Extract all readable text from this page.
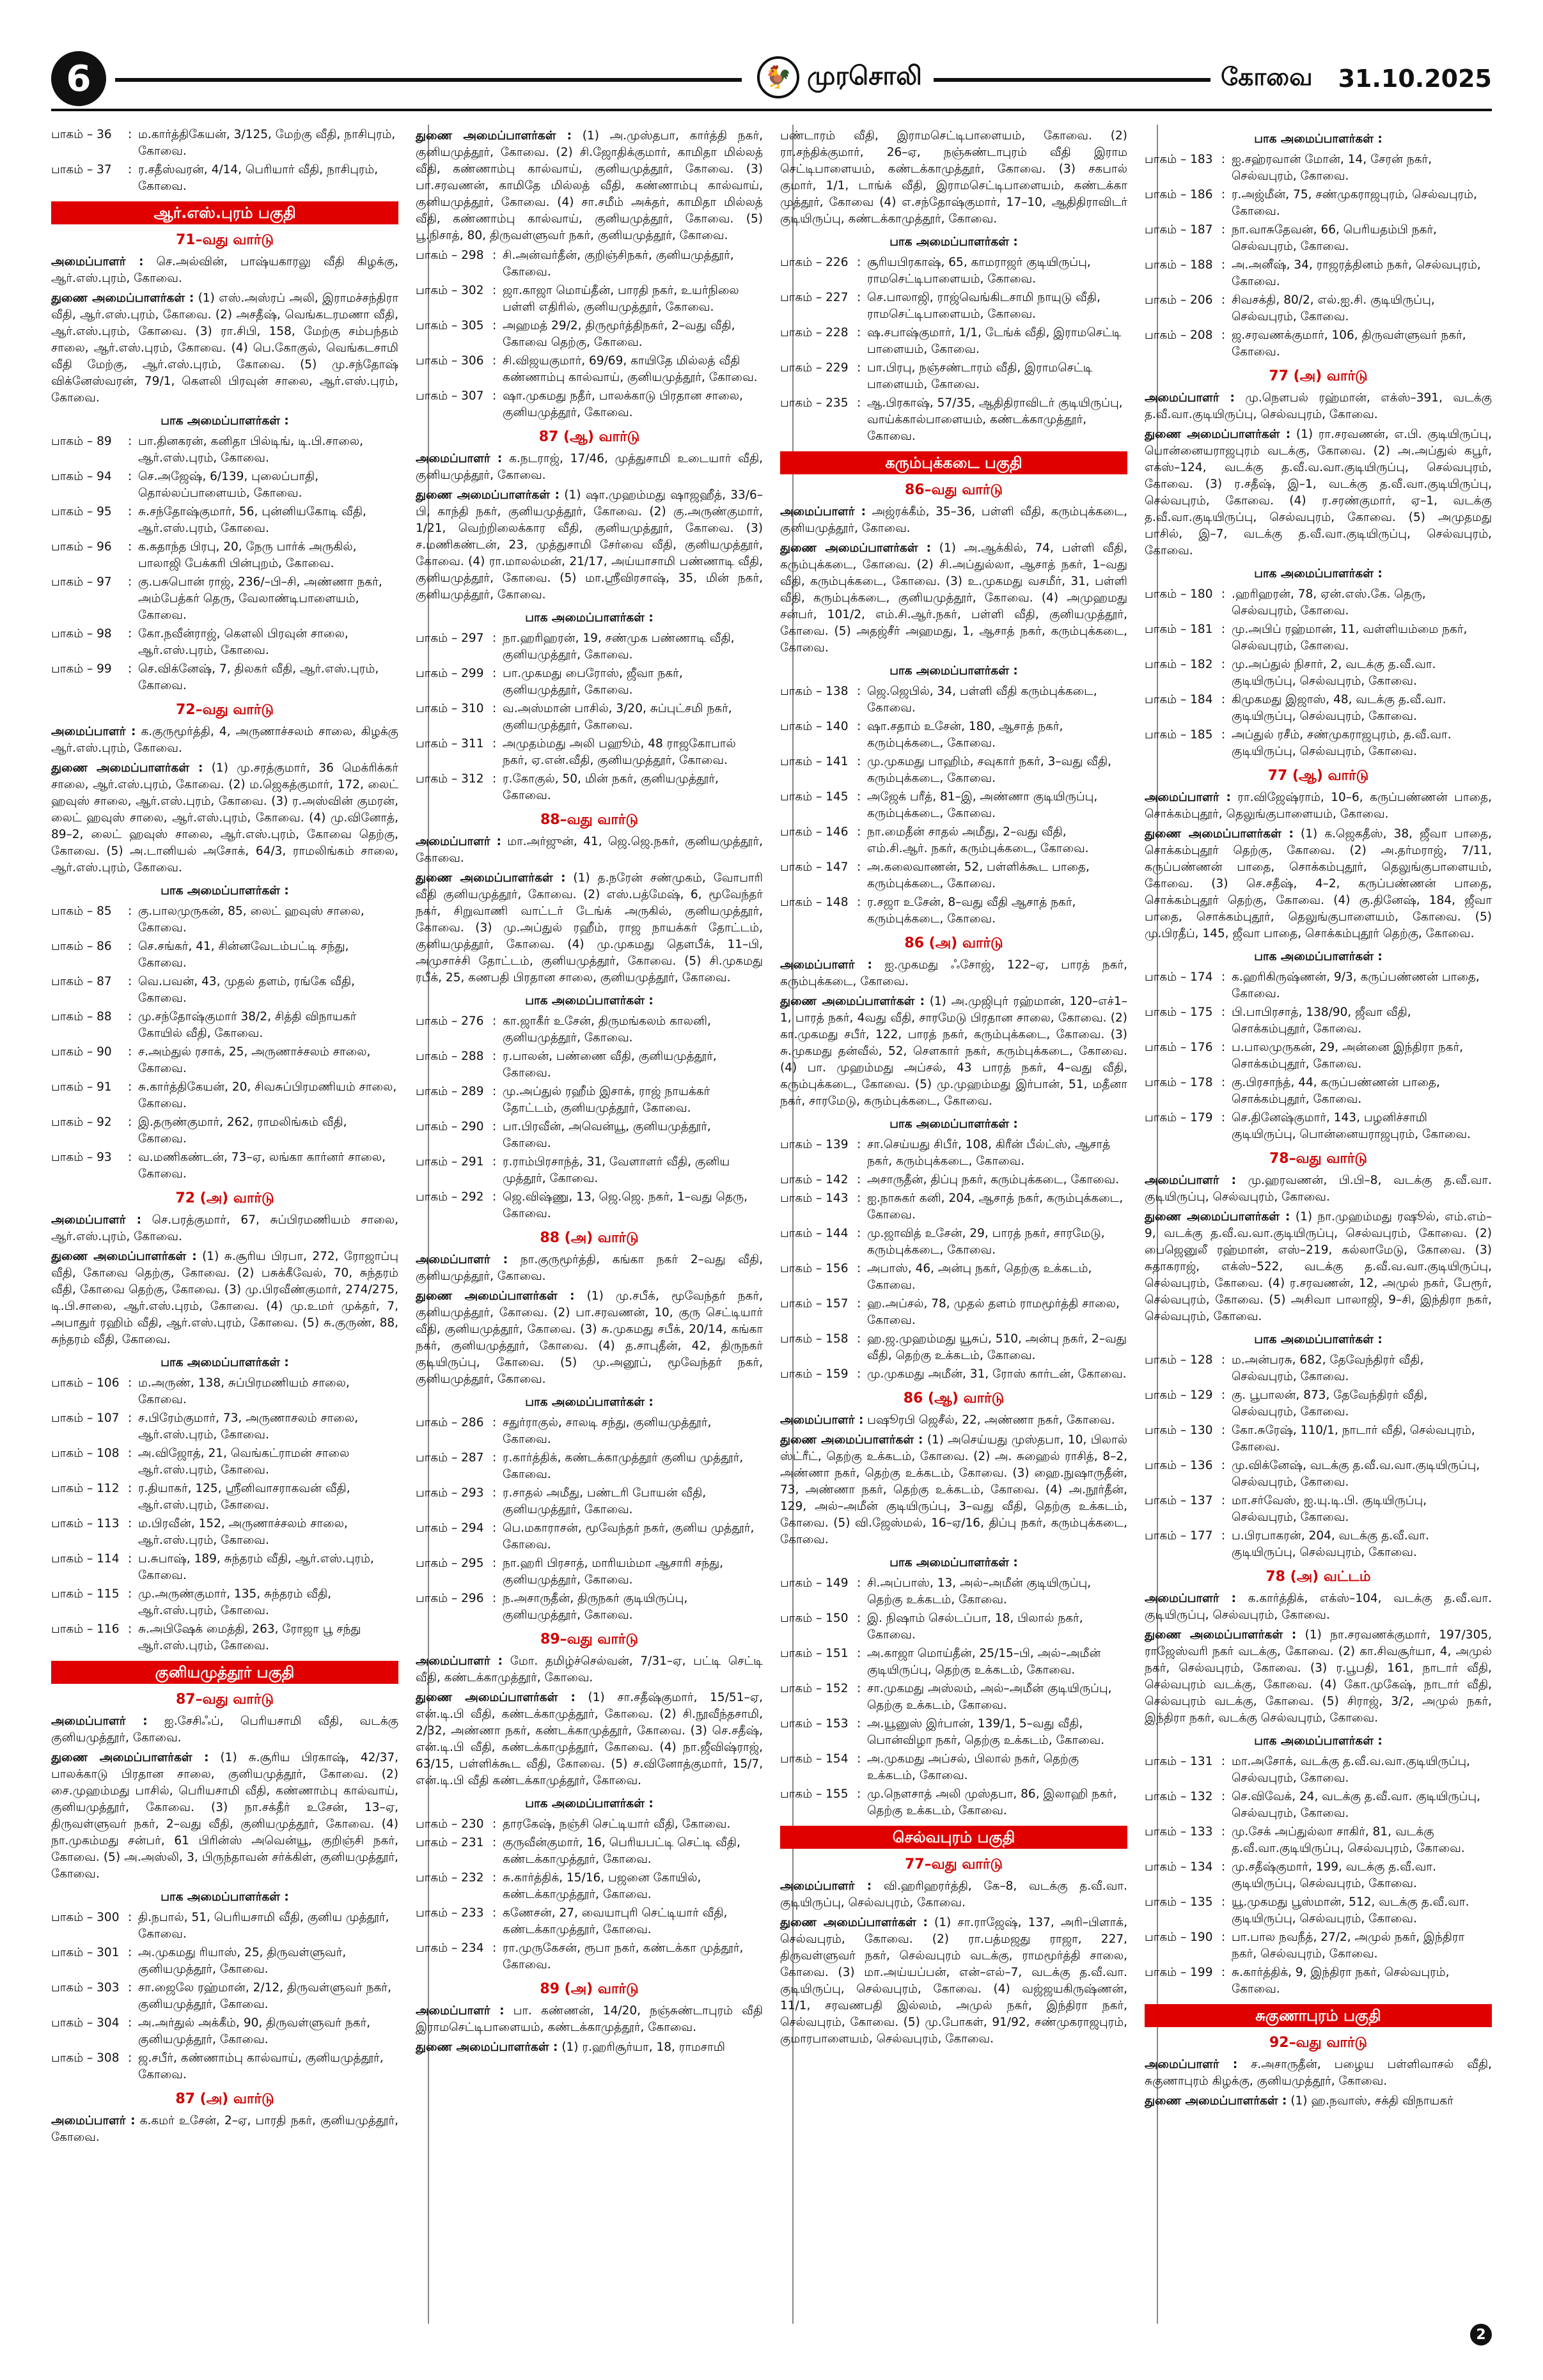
6	🐓 முரசொலி	கோவை 31.10.2025
பாகம் – 36	: ம.கார்த்திகேயன், 3/125, மேற்கு வீதி, நாசிபுரம், கோவை.
பாகம் – 37	: ர.சதீஸ்வரன், 4/14, பெரியார் வீதி, நாசிபுரம், கோவை.
ஆர்.எஸ்.புரம் பகுதி
71–வது வார்டு

அமைப்பாளர் : செ.அல்வின், பாஷ்யகாரலு வீதி கிழக்கு, ஆர்.எஸ்.புரம், கோவை.

துணை அமைப்பாளர்கள் : (1) எஸ்.அஸ்ரப் அலி, இராமச்சந்திரா வீதி, ஆர்.எஸ்.புரம், கோவை. (2) அசதீஷ், வெங்கடரமணா வீதி, ஆர்.எஸ்.புரம், கோவை. (3) ரா.சிபி, 158, மேற்கு சம்பந்தம் சாலை, ஆர்.எஸ்.புரம், கோவை. (4) பெ.கோகுல், வெங்கடசாமி வீதி மேற்கு, ஆர்.எஸ்.புரம், கோவை. (5) மு.சந்தோஷ் விக்னேஸ்வரன், 79/1, கௌலி பிரவுன் சாலை, ஆர்.எஸ்.புரம், கோவை.

பாக அமைப்பாளர்கள் :
பாகம் – 89	: பா.தினகரன், கனிதா பில்டிங், டி.பி.சாலை, ஆர்.எஸ்.புரம், கோவை.
பாகம் – 94	: செ.அஜேஷ், 6/139, புலைப்பாதி, தொல்லப்பாளையம், கோவை.
பாகம் – 95	: சு.சந்தோஷ்குமார், 56, புன்னியகோடி வீதி, ஆர்.எஸ்.புரம், கோவை.
பாகம் – 96	: க.சுதாந்த பிரபு, 20, நேரு பார்க் அருகில், பாலாஜி பேக்கரி பின்புறம், கோவை.
பாகம் – 97	: கு.பசுபொன் ராஜ், 236/–பி–சி, அண்ணா நகர், அம்பேத்கர் தெரு, வேலாண்டிபாளையம், கோவை.
பாகம் – 98	: கோ.நவீன்ராஜ், கௌலி பிரவுன் சாலை, ஆர்.எஸ்.புரம், கோவை.
பாகம் – 99	: செ.விக்னேஷ், 7, திலகர் வீதி, ஆர்.எஸ்.புரம், கோவை.
72–வது வார்டு

அமைப்பாளர் : க.குருமூர்த்தி, 4, அருணாச்சலம் சாலை, கிழக்கு ஆர்.எஸ்.புரம், கோவை.

துணை அமைப்பாளர்கள் : (1) மு.சரத்குமார், 36 மெக்ரிக்கர் சாலை, ஆர்.எஸ்.புரம், கோவை. (2) ம.ஜெகத்குமார், 172, லைட் ஹவுஸ் சாலை, ஆர்.எஸ்.புரம், கோவை. (3) ர.அஸ்வின் குமரன், லைட் ஹவுஸ் சாலை, ஆர்.எஸ்.புரம், கோவை. (4) மு.வினோத், 89–2, லைட் ஹவுஸ் சாலை, ஆர்.எஸ்.புரம், கோவை தெற்கு, கோவை. (5) அ.டானியல் அசோக், 64/3, ராமலிங்கம் சாலை, ஆர்.எஸ்.புரம், கோவை.

பாக அமைப்பாளர்கள் :
பாகம் – 85	: கு.பாலமுருகன், 85, லைட் ஹவுஸ் சாலை, கோவை.
பாகம் – 86	: செ.சங்கர், 41, சின்னவேடம்பட்டி சந்து, கோவை.
பாகம் – 87	: வெ.பவன், 43, முதல் தளம், ரங்கே வீதி, கோவை.
பாகம் – 88	: மு.சந்தோஷ்குமார் 38/2, சித்தி விநாயகர் கோயில் வீதி, கோவை.
பாகம் – 90	: ச.அம்துல் ரசாக், 25, அருணாச்சலம் சாலை, கோவை.
பாகம் – 91	: சு.கார்த்திகேயன், 20, சிவசுப்பிரமணியம் சாலை, கோவை.
பாகம் – 92	: இ.தருண்குமார், 262, ராமலிங்கம் வீதி, கோவை.
பாகம் – 93	: வ.மணிகண்டன், 73–ஏ, லங்கா கார்னர் சாலை, கோவை.
72 (அ) வார்டு

அமைப்பாளர் : செ.பரத்குமார், 67, சுப்பிரமணியம் சாலை, ஆர்.எஸ்.புரம், கோவை.

துணை அமைப்பாளர்கள் : (1) சு.சூரிய பிரபா, 272, ரோஜாப்பு வீதி, கோவை தெற்கு, கோவை. (2) பசுக்கீவேல், 70, சுந்தரம் வீதி, கோவை தெற்கு, கோவை. (3) மு.பிரவீண்குமார், 274/275, டி.பி.சாலை, ஆர்.எஸ்.புரம், கோவை. (4) மு.உமர் முக்தர், 7, அபாதுர் ரஹிம் வீதி, ஆர்.எஸ்.புரம், கோவை. (5) சு.குருண், 88, சுந்தரம் வீதி, கோவை.

பாக அமைப்பாளர்கள் :
பாகம் – 106 : ம.அருண், 138, சுப்பிரமணியம் சாலை, கோவை.
பாகம் – 107 : ச.பிரேம்குமார், 73, அருணாசலம் சாலை, ஆர்.எஸ்.புரம், கோவை.
பாகம் – 108 : அ.விஜோத், 21, வெங்கட்ராமன் சாலை ஆர்.எஸ்.புரம், கோவை.
பாகம் – 112 : ர.தியாகர், 125, ஸ்ரீனிவாசராகவன் வீதி, ஆர்.எஸ்.புரம், கோவை.
பாகம் – 113 : ம.பிரவீன், 152, அருணாச்சலம் சாலை, ஆர்.எஸ்.புரம், கோவை.
பாகம் – 114 : ப.சுபாஷ், 189, சுந்தரம் வீதி, ஆர்.எஸ்.புரம், கோவை.
பாகம் – 115 : மு.அருண்குமார், 135, சுந்தரம் வீதி, ஆர்.எஸ்.புரம், கோவை.
பாகம் – 116 : சு.அபிஷேக் மைத்தி, 263, ரோஜா பூ சந்து ஆர்.எஸ்.புரம், கோவை.
குனியமுத்தூர் பகுதி
87–வது வார்டு

அமைப்பாளர் : ஐ.சேசிஃப், பெரியசாமி வீதி, வடக்கு குனியமுத்தூர், கோவை.

துணை அமைப்பாளர்கள் : (1) சு.சூரிய பிரகாஷ், 42/37, பாலக்காடு பிரதான சாலை, குனியமுத்தூர், கோவை. (2) சை.முஹம்மது பாசில், பெரியசாமி வீதி, கண்ணாம்பு கால்வாய், குனியமுத்தூர், கோவை. (3) நா.சக்தீர் உசேன், 13–ஏ, திருவள்ளுவர் நகர், 2–வது வீதி, குனியமுத்தூர், கோவை. (4) நா.முகம்மது சன்பர், 61 பிரின்ஸ் அவென்யூ, குறிஞ்சி நகர், கோவை. (5) அ.அஸ்லி, 3, பிருந்தாவன் சர்க்கிள், குனியமுத்தூர், கோவை.

பாக அமைப்பாளர்கள் :
பாகம் – 300 : தி.நபால், 51, பெரியசாமி வீதி, குனிய முத்தூர், கோவை.
பாகம் – 301 : அ.முகமது ரியாஸ், 25, திருவள்ளுவர், குனியமுத்தூர், கோவை.
பாகம் – 303 : சா.ஜைலே ரஹ்மான், 2/12, திருவள்ளுவர் நகர், குனியமுத்தூர், கோவை.
பாகம் – 304 : அ.அர்துல் அக்கீம், 90, திருவள்ளுவர் நகர், குனியமுத்தூர், கோவை.
பாகம் – 308 : ஜ.சபீர், கண்ணாம்பு கால்வாய், குனியமுத்தூர், கோவை.
87 (அ) வார்டு

அமைப்பாளர் : க.கமர் உசேன், 2–ஏ, பாரதி நகர், குனியமுத்தூர், கோவை.

துணை அமைப்பாளர்கள் : (1) அ.முஸ்தபா, கார்த்தி நகர், குனியமுத்தூர், கோவை. (2) சி.ஜோதிக்குமார், காமிதா மில்லத் வீதி, கண்ணாம்பு கால்வாய், குனியமுத்தூர், கோவை. (3) பா.சரவணன், காமிதே மில்லத் வீதி, கண்ணாம்பு கால்வாய், குனியமுத்தூர், கோவை. (4) சா.சமீம் அக்தர், காமிதா மில்லத் வீதி, கண்ணாம்பு கால்வாய், குனியமுத்தூர், கோவை. (5) பூ.நிசாத், 80, திருவள்ளுவர் நகர், குனியமுத்தூர், கோவை.

பாகம் – 298 : சி.அன்வர்தீன், குறிஞ்சிநகர், குனியமுத்தூர், கோவை.
பாகம் – 302 : ஜா.காஜா மொய்தீன், பாரதி நகர், உயர்நிலை பள்ளி எதிரில், குனியமுத்தூர், கோவை.
பாகம் – 305 : அஹமத் 29/2, திருமூர்த்திநகர், 2–வது வீதி, கோவை தெற்கு, கோவை.
பாகம் – 306 : சி.விஜயகுமார், 69/69, காயிதே மில்லத் வீதி கண்ணாம்பு கால்வாய், குனியமுத்தூர், கோவை.
பாகம் – 307 : ஷா.முகமது நதீர், பாலக்காடு பிரதான சாலை, குனியமுத்தூர், கோவை.
87 (ஆ) வார்டு

அமைப்பாளர் : க.நடராஜ், 17/46, முத்துசாமி உடையார் வீதி, குனியமுத்தூர், கோவை.

துணை அமைப்பாளர்கள் : (1) ஷா.முஹம்மது ஷாஜஹீத், 33/6–பி, காந்தி நகர், குனியமுத்தூர், கோவை. (2) கு.அருண்குமார், 1/21, வெற்றிலைக்கார வீதி, குனியமுத்தூர், கோவை. (3) ச.மணிகண்டன், 23, முத்துசாமி சேர்வை வீதி, குனியமுத்தூர், கோவை. (4) ரா.மாலல்மன், 21/17, அய்யாசாமி பண்ணாடி வீதி, குனியமுத்தூர், கோவை. (5) மா.ஸ்ரீவிரசாஷ், 35, மின் நகர், குனியமுத்தூர், கோவை.

பாக அமைப்பாளர்கள் :
பாகம் – 297 : நா.ஹரிஹரன், 19, சண்முக பண்ணாடி வீதி, குனியமுத்தூர், கோவை.
பாகம் – 299 : பா.முகமது பைரோஸ், ஜீவா நகர், குனியமுத்தூர், கோவை.
பாகம் – 310 : வ.அஸ்மான் பாசில், 3/20, சுப்புட்சமி நகர், குனியமுத்தூர், கோவை.
பாகம் – 311 : அமுதம்மது அலி பஹூம், 48 ராஜகோபால் நகர், ஏ.என்.வீதி, குனியமுத்தூர், கோவை.
பாகம் – 312 : ர.கோகுல், 50, மின் நகர், குனியமுத்தூர், கோவை.
88–வது வார்டு

அமைப்பாளர் : மா.அர்ஜுன், 41, ஜெ.ஜெ.நகர், குனியமுத்தூர், கோவை.

துணை அமைப்பாளர்கள் : (1) த.நரேன் சண்முகம், வோபாரி வீதி குனியமுத்தூர், கோவை. (2) எஸ்.பத்மேஷ், 6, மூவேந்தர் நகர், சிறுவாணி வாட்டர் டேங்க் அருகில், குனியமுத்தூர், கோவை. (3) மு.அப்துல் ரஹீம், ராஜ நாயக்கர் தோட்டம், குனியமுத்தூர், கோவை. (4) மு.முகமது தௌபீக், 11–பி, அமுசாச்சி தோட்டம், குனியமுத்தூர், கோவை. (5) சி.முகமது ரபீக், 25, கணபதி பிரதான சாலை, குனியமுத்தூர், கோவை.

பாக அமைப்பாளர்கள் :
பாகம் – 276 : கா.ஜாகீர் உசேன், திருமங்கலம் காலனி, குனியமுத்தூர், கோவை.
பாகம் – 288 : ர.பாலன், பண்ணை வீதி, குனியமுத்தூர், கோவை.
பாகம் – 289 : மு.அப்துல் ரஹீம் இசாக், ராஜ் நாயக்கர் தோட்டம், குனியமுத்தூர், கோவை.
பாகம் – 290 : பா.பிரவீன், அவென்யூ, குனியமுத்தூர், கோவை.
பாகம் – 291 : ர.ராம்பிரசாந்த், 31, வேளாளர் வீதி, குனிய முத்தூர், கோவை.
பாகம் – 292 : ஜெ.விஷ்ணு, 13, ஜெ.ஜெ. நகர், 1–வது தெரு, கோவை.
88 (அ) வார்டு

அமைப்பாளர் : நா.குருமூர்த்தி, கங்கா நகர் 2–வது வீதி, குனியமுத்தூர், கோவை.

துணை அமைப்பாளர்கள் : (1) மு.சபீக், மூவேந்தர் நகர், குனியமுத்தூர், கோவை. (2) பா.சரவணன், 10, குரு செட்டியார் வீதி, குனியமுத்தூர், கோவை. (3) சு.முகமது சபீக், 20/14, கங்கா நகர், குனியமுத்தூர், கோவை. (4) த.சாபுதீன், 42, திருநகர் குடியிருப்பு, கோவை. (5) மு.அனூப், மூவேந்தர் நகர், குனியமுத்தூர், கோவை.

பாக அமைப்பாளர்கள் :
பாகம் – 286 : சதுர்ராகுல், சாலடி சந்து, குனியமுத்தூர், கோவை.
பாகம் – 287 : ர.கார்த்திக், கண்டக்காமுத்தூர் குனிய முத்தூர், கோவை.
பாகம் – 293 : ர.சாதல் அமீது, பண்டரி போயன் வீதி, குனியமுத்தூர், கோவை.
பாகம் – 294 : பெ.மகாராசன், மூவேந்தர் நகர், குனிய முத்தூர், கோவை.
பாகம் – 295 : நா.ஹரி பிரசாத், மாரியம்மா ஆசாரி சந்து, குனியமுத்தூர், கோவை.
பாகம் – 296 : ந.அசாருதீன், திருநகர் குடியிருப்பு, குனியமுத்தூர், கோவை.
89–வது வார்டு

அமைப்பாளர் : மோ. தமிழ்ச்செல்வன், 7/31–ஏ, பட்டி செட்டி வீதி, கண்டக்காமுத்தூர், கோவை.

துணை அமைப்பாளர்கள் : (1) சா.சதீஷ்குமார், 15/51–ஏ, என்.டி.பி வீதி, கண்டக்காமுத்தூர், கோவை. (2) சி.நூவீந்தசாமி, 2/32, அண்ணா நகர், கண்டக்காமுத்தூர், கோவை. (3) செ.சதீஷ், என்.டி.பி வீதி, கண்டக்காமுத்தூர், கோவை. (4) நா.ஜீவிஷ்ராஜ், 63/15, பள்ளிக்கூட வீதி, கோவை. (5) ச.வினோத்குமார், 15/7, என்.டி.பி வீதி கண்டக்காமுத்தூர், கோவை.

பாக அமைப்பாளர்கள் :
பாகம் – 230 : தாரகேஷ், நஞ்சி செட்டியார் வீதி, கோவை.
பாகம் – 231 : குருவீன்குமார், 16, பெரியபட்டி செட்டி வீதி, கண்டக்காமுத்தூர், கோவை.
பாகம் – 232 : சு.கார்த்திக், 15/16, பஜனை கோயில், கண்டக்காமுத்தூர், கோவை.
பாகம் – 233 : கணேசன், 27, வையாபுரி செட்டியார் வீதி, கண்டக்காமுத்தூர், கோவை.
பாகம் – 234 : ரா.முருகேசன், ரூபா நகர், கண்டக்கா முத்தூர், கோவை.
89 (அ) வார்டு

அமைப்பாளர் : பா. கண்ணன், 14/20, நஞ்சுண்டாபுரம் வீதி இராமசெட்டிபாளையம், கண்டக்காமுத்தூர், கோவை.

துணை அமைப்பாளர்கள் : (1) ர.ஹரிசூர்யா, 18, ராமசாமி

பண்டாரம் வீதி, இராமசெட்டிபாளையம், கோவை. (2) ரா.சந்திக்குமார், 26–ஏ, நஞ்சுண்டாபுரம் வீதி இராம செட்டிபாளையம், கண்டக்காமுத்தூர், கோவை. (3) சகபால் குமார், 1/1, டாங்க் வீதி, இராமசெட்டிபாளையம், கண்டக்கா முத்தூர், கோவை (4) எ.சந்தோஷ்குமார், 17–10, ஆதிதிராவிடர் குடியிருப்பு, கண்டக்காமுத்தூர், கோவை.

பாக அமைப்பாளர்கள் :
பாகம் – 226 : சூரியபிரகாஷ், 65, காமராஜர் குடியிருப்பு, ராமசெட்டிபாளையம், கோவை.
பாகம் – 227 : செ.பாலாஜி, ராஜ்வெங்கிடசாமி நாயுடு வீதி, ராமசெட்டிபாளையம், கோவை.
பாகம் – 228 : ஷ.சபாஷ்குமார், 1/1, டேங்க் வீதி, இராமசெட்டி பாளையம், கோவை.
பாகம் – 229 : பா.பிரபு, நஞ்சண்டாரம் வீதி, இராமசெட்டி பாளையம், கோவை.
பாகம் – 235 : ஆ.பிரகாஷ், 57/35, ஆதிதிராவிடர் குடியிருப்பு, வாய்க்கால்பாளையம், கண்டக்காமுத்தூர், கோவை.
கரும்புக்கடை பகுதி
86–வது வார்டு

அமைப்பாளர் : அஜ்ரக்கீம், 35–36, பள்ளி வீதி, கரும்புக்கடை, குனியமுத்தூர், கோவை.

துணை அமைப்பாளர்கள் : (1) அ.ஆக்கில், 74, பள்ளி வீதி, கரும்புக்கடை, கோவை. (2) சி.அப்துல்லா, ஆசாத் நகர், 1–வது வீதி, கரும்புக்கடை, கோவை. (3) உ.முகமது வசமீர், 31, பள்ளி வீதி, கரும்புக்கடை, குனியமுத்தூர், கோவை. (4) அமுஹமது சன்பர், 101/2, எம்.சி.ஆர்.நகர், பள்ளி வீதி, குனியமுத்தூர், கோவை. (5) அதஜ்சீர் அஹமது, 1, ஆசாத் நகர், கரும்புக்கடை, கோவை.

பாக அமைப்பாளர்கள் :
பாகம் – 138 : ஜெ.ஜெபில், 34, பள்ளி வீதி கரும்புக்கடை, கோவை.
பாகம் – 140 : ஷா.சதாம் உசேன், 180, ஆசாத் நகர், கரும்புக்கடை, கோவை.
பாகம் – 141 : மு.முகமது பாஹிம், சவுகார் நகர், 3–வது வீதி, கரும்புக்கடை, கோவை.
பாகம் – 145 : அஜேக் பரீத், 81–இ, அண்ணா குடியிருப்பு, கரும்புக்கடை, கோவை.
பாகம் – 146 : நா.மைதீன் சாதல் அமீது, 2–வது வீதி, எம்.சி.ஆர். நகர், கரும்புக்கடை, கோவை.
பாகம் – 147 : அ.கலைவாணன், 52, பள்ளிக்கூட பாதை, கரும்புக்கடை, கோவை.
பாகம் – 148 : ர.சஜா உசேன், 8–வது வீதி ஆசாத் நகர், கரும்புக்கடை, கோவை.
86 (அ) வார்டு

அமைப்பாளர் : ஐ.முகமது ஃசோஜ், 122–ஏ, பாரத் நகர், கரும்புக்கடை, கோவை.

துணை அமைப்பாளர்கள் : (1) அ.முஜிபுர் ரஹ்மான், 120–எச்1–1, பாரத் நகர், 4வது வீதி, சாரமேடு பிரதான சாலை, கோவை. (2) கா.முகமது சபீர், 122, பாரத் நகர், கரும்புக்கடை, கோவை. (3) சு.முகமது தன்வீல், 52, சௌகார் நகர், கரும்புக்கடை, கோவை. (4) பா. முஹம்மது அப்சல், 43 பாரத் நகர், 4–வது வீதி, கரும்புக்கடை, கோவை. (5) மு.முஹம்மது இர்பான், 51, மதீனா நகர், சாரமேடு, கரும்புக்கடை, கோவை.

பாக அமைப்பாளர்கள் :
பாகம் – 139 : சா.செய்யது சிபீர், 108, கிரீன் பீல்ட்ஸ், ஆசாத் நகர், கரும்புக்கடை, கோவை.
பாகம் – 142 : அசாருதீன், திப்பு நகர், கரும்புக்கடை, கோவை.
பாகம் – 143 : ஐ.நாசுகர் கனி, 204, ஆசாத் நகர், கரும்புக்கடை, கோவை.
பாகம் – 144 : மு.ஜாவித் உசேன், 29, பாரத் நகர், சாரமேடு, கரும்புக்கடை, கோவை.
பாகம் – 156 : அபாஸ், 46, அன்பு நகர், தெற்கு உக்கடம், கோவை.
பாகம் – 157 : ஹ.அப்சல், 78, முதல் தளம் ராமமூர்த்தி சாலை, கோவை.
பாகம் – 158 : ஹ.ஜ.முஹம்மது யூசுப், 510, அன்பு நகர், 2–வது வீதி, தெற்கு உக்கடம், கோவை.
பாகம் – 159 : மு.முகமது அமீன், 31, ரோஸ் கார்டன், கோவை.
86 (ஆ) வார்டு

அமைப்பாளர் : பஷூரபி ஜெசீல், 22, அண்ணா நகர், கோவை.

துணை அமைப்பாளர்கள் : (1) அசெய்யது முஸ்தபா, 10, பிலால் ஸ்ட்ரீட், தெற்கு உக்கடம், கோவை. (2) அ. சுஹைல் ராசித், 8–2, அண்ணா நகர், தெற்கு உக்கடம், கோவை. (3) ஹை.நுஷாருதீன், 73, அண்ணா நகர், தெற்கு உக்கடம், கோவை. (4) அ.நூர்தீன், 129, அல்–அமீன் குடியிருப்பு, 3–வது வீதி, தெற்கு உக்கடம், கோவை. (5) வி.ஜேஸ்மல், 16–ஏ/16, திப்பு நகர், கரும்புக்கடை, கோவை.

பாக அமைப்பாளர்கள் :
பாகம் – 149 : சி.அப்பாஸ், 13, அல்–அமீன் குடியிருப்பு, தெற்கு உக்கடம், கோவை.
பாகம் – 150 : இ. நிஷாம் செல்டப்பா, 18, பிலால் நகர், கோவை.
பாகம் – 151 : அ.காஜா மொய்தீன், 25/15–பி, அல்–அமீன் குடியிருப்பு, தெற்கு உக்கடம், கோவை.
பாகம் – 152 : சா.முகமது அஸ்லம், அல்–அமீன் குடியிருப்பு, தெற்கு உக்கடம், கோவை.
பாகம் – 153 : அ.யூனுஸ் இர்பான், 139/1, 5–வது வீதி, பொன்விழா நகர், தெற்கு உக்கடம், கோவை.
பாகம் – 154 : அ.முகமது அப்சல், பிலால் நகர், தெற்கு உக்கடம், கோவை.
பாகம் – 155 : மு.நௌசாத் அலி முஸ்தபா, 86, இலாஹி நகர், தெற்கு உக்கடம், கோவை.
செல்வபுரம் பகுதி
77–வது வார்டு

அமைப்பாளர் : வி.ஹரிஹரர்த்தி, கே–8, வடக்கு த.வீ.வா. குடியிருப்பு, செல்வபுரம், கோவை.

துணை அமைப்பாளர்கள் : (1) சா.ராஜேஷ், 137, அரி–பிளாக், செல்வபுரம், கோவை. (2) ரா.பத்மஜது ராஜா, 227, திருவள்ளுவர் நகர், செல்வபுரம் வடக்கு, ராமமூர்த்தி சாலை, கோவை. (3) மா.அய்யப்பன், என்–எல்–7, வடக்கு த.வீ.வா. குடியிருப்பு, செல்வபுரம், கோவை. (4) வஜ்ஜயகிருஷ்ணன், 11/1, சரவணபதி இல்லம், அமுல் நகர், இந்திரா நகர், செல்வபுரம், கோவை. (5) மு.போகள், 91/92, சண்முகராஜபுரம், குமாரபாளையம், செல்வபுரம், கோவை.

பாக அமைப்பாளர்கள் :
பாகம் – 183 : ஐ.சஹ்ரவான் மோன், 14, சேரன் நகர், செல்வபுரம், கோவை.
பாகம் – 186 : ர.அஜ்மீன், 75, சண்முகராஜபுரம், செல்வபுரம், கோவை.
பாகம் – 187 : நா.வாசுதேவன், 66, பெரியதம்பி நகர், செல்வபுரம், கோவை.
பாகம் – 188 : அ.அனீஷ், 34, ராஜரத்தினம் நகர், செல்வபுரம், கோவை.
பாகம் – 206 : சிவசக்தி, 80/2, எல்.ஐ.சி. குடியிருப்பு, செல்வபுரம், கோவை.
பாகம் – 208 : ஜ.சரவணக்குமார், 106, திருவள்ளுவர் நகர், கோவை.
77 (அ) வார்டு

அமைப்பாளர் : மு.நௌபல் ரஹ்மான், எக்ஸ்–391, வடக்கு த.வீ.வா.குடியிருப்பு, செல்வபுரம், கோவை.

துணை அமைப்பாளர்கள் : (1) ரா.சரவணன், எ.பி. குடியிருப்பு, பொன்னையராஜபுரம் வடக்கு, கோவை. (2) அ.அப்துல் கபூர், எக்ஸ்–124, வடக்கு த.வீ.வ.வா.குடியிருப்பு, செல்வபுரம், கோவை. (3) ர.சதீஷ், இ–1, வடக்கு த.வீ.வா.குடியிருப்பு, செல்வபுரம், கோவை. (4) ர.சரண்குமார், ஏ–1, வடக்கு த.வீ.வா.குடியிருப்பு, செல்வபுரம், கோவை. (5) அமுதமது பாசில், இ–7, வடக்கு த.வீ.வா.குடியிருப்பு, செல்வபுரம், கோவை.

பாக அமைப்பாளர்கள் :
பாகம் – 180 : .ஹரிஹரன், 78, ஏன்.எஸ்.கே. தெரு, செல்வபுரம், கோவை.
பாகம் – 181 : மு.அபிப் ரஹ்மான், 11, வள்ளியம்மை நகர், செல்வபுரம், கோவை.
பாகம் – 182 : மு.அப்துல் நிசார், 2, வடக்கு த.வீ.வா. குடியிருப்பு, செல்வபுரம், கோவை.
பாகம் – 184 : கிமுகமது இஜாஸ், 48, வடக்கு த.வீ.வா. குடியிருப்பு, செல்வபுரம், கோவை.
பாகம் – 185 : அப்துல் ரசீம், சண்முகராஜபுரம், த.வீ.வா. குடியிருப்பு, செல்வபுரம், கோவை.
77 (ஆ) வார்டு

அமைப்பாளர் : ரா.விஜேஷ்ராம், 10–6, கருப்பண்ணன் பாதை, சொக்கம்புதூர், தெலுங்குபாளையம், கோவை.

துணை அமைப்பாளர்கள் : (1) க.ஜெகதீஸ், 38, ஜீவா பாதை, சொக்கம்புதூர் தெற்கு, கோவை. (2) அ.தர்மராஜ், 7/11, கருப்பண்ணன் பாதை, சொக்கம்புதூர், தெலுங்குபாளையம், கோவை. (3) செ.சதீஷ், 4–2, கருப்பண்ணன் பாதை, சொக்கம்புதூர் தெற்கு, கோவை. (4) கு.தினேஷ், 184, ஜீவா பாதை, சொக்கம்புதூர், தெலுங்குபாளையம், கோவை. (5) மு.பிரதீப், 145, ஜீவா பாதை, சொக்கம்புதூர் தெற்கு, கோவை.

பாக அமைப்பாளர்கள் :
பாகம் – 174 : க.ஹரிகிருஷ்ணன், 9/3, கருப்பண்ணன் பாதை, கோவை.
பாகம் – 175 : பி.பாபிரசாத், 138/90, ஜீவா வீதி, சொக்கம்புதூர், கோவை.
பாகம் – 176 : ப.பாலமுருகன், 29, அன்னை இந்திரா நகர், சொக்கம்புதூர், கோவை.
பாகம் – 178 : கு.பிரசாந்த், 44, கருப்பண்ணன் பாதை, சொக்கம்புதூர், கோவை.
பாகம் – 179 : செ.தினேஷ்குமார், 143, பழனிச்சாமி குடியிருப்பு, பொன்னையராஜபுரம், கோவை.
78–வது வார்டு

அமைப்பாளர் : மு.ஹரவணன், பி.பி–8, வடக்கு த.வீ.வா. குடியிருப்பு, செல்வபுரம், கோவை.

துணை அமைப்பாளர்கள் : (1) நா.முஹம்மது ரஷூல், எம்.எம்–9, வடக்கு த.வீ.வ.வா.குடியிருப்பு, செல்வபுரம், கோவை. (2) பைஜெனுலீ ரஹ்மான், எஸ்–219, கல்லாமேடு, கோவை. (3) சுதாகராஜ், எக்ஸ்–522, வடக்கு த.வீ.வ.வா.குடியிருப்பு, செல்வபுரம், கோவை. (4) ர.சரவணன், 12, அமுல் நகர், பேரூர், செல்வபுரம், கோவை. (5) அசிவா பாலாஜி, 9–சி, இந்திரா நகர், செல்வபுரம், கோவை.

பாக அமைப்பாளர்கள் :
பாகம் – 128 : ம.அன்பரசு, 682, தேவேந்திரர் வீதி, செல்வபுரம், கோவை.
பாகம் – 129 : கு. பூபாலன், 873, தேவேந்திரர் வீதி, செல்வபுரம், கோவை.
பாகம் – 130 : கோ.சுரேஷ், 110/1, நாடார் வீதி, செல்வபுரம், கோவை.
பாகம் – 136 : மு.விக்னேஷ், வடக்கு த.வீ.வ.வா.குடியிருப்பு, செல்வபுரம், கோவை.
பாகம் – 137 : மா.சர்வேஸ், ஐ.யு.டி.பி. குடியிருப்பு, செல்வபுரம், கோவை.
பாகம் – 177 : ப.பிரபாகரன், 204, வடக்கு த.வீ.வா. குடியிருப்பு, செல்வபுரம், கோவை.
78 (அ) வட்டம்

அமைப்பாளர் : க.கார்த்திக், எக்ஸ்–104, வடக்கு த.வீ.வா. குடியிருப்பு, செல்வபுரம், கோவை.

துணை அமைப்பாளர்கள் : (1) நா.சரவணக்குமார், 197/305, ராஜேஸ்வரி நகர் வடக்கு, கோவை. (2) கா.சிவசூர்யா, 4, அமுல் நகர், செல்வபுரம், கோவை. (3) ர.பூபதி, 161, நாடார் வீதி, செல்வபுரம் வடக்கு, கோவை. (4) கோ.முகேஷ், நாடார் வீதி, செல்வபுரம் வடக்கு, கோவை. (5) சிராஜ், 3/2, அமுல் நகர், இந்திரா நகர், வடக்கு செல்வபுரம், கோவை.

பாக அமைப்பாளர்கள் :
பாகம் – 131 : மா.அசோக், வடக்கு த.வீ.வ.வா.குடியிருப்பு, செல்வபுரம், கோவை.
பாகம் – 132 : செ.விவேக், 24, வடக்கு த.வீ.வா. குடியிருப்பு, செல்வபுரம், கோவை.
பாகம் – 133 : மு.சேக் அப்துல்லா சாகிர், 81, வடக்கு த.வீ.வா.குடியிருப்பு, செல்வபுரம், கோவை.
பாகம் – 134 : மு.சதீஷ்குமார், 199, வடக்கு த.வீ.வா. குடியிருப்பு, செல்வபுரம், கோவை.
பாகம் – 135 : யூ.முகமது பூஸ்மான், 512, வடக்கு த.வீ.வா. குடியிருப்பு, செல்வபுரம், கோவை.
பாகம் – 190 : பா.பால நவநீத், 27/2, அமுல் நகர், இந்திரா நகர், செல்வபுரம், கோவை.
பாகம் – 199 : சு.கார்த்திக், 9, இந்திரா நகர், செல்வபுரம், கோவை.
சுகுணாபுரம் பகுதி
92–வது வார்டு

அமைப்பாளர் : ச.அசாருதீன், பழைய பள்ளிவாசல் வீதி, சுகுணாபுரம் கிழக்கு, குனியமுத்தூர், கோவை.

துணை அமைப்பாளர்கள் : (1) ஹ.நவாஸ், சக்தி விநாயகர்

2
